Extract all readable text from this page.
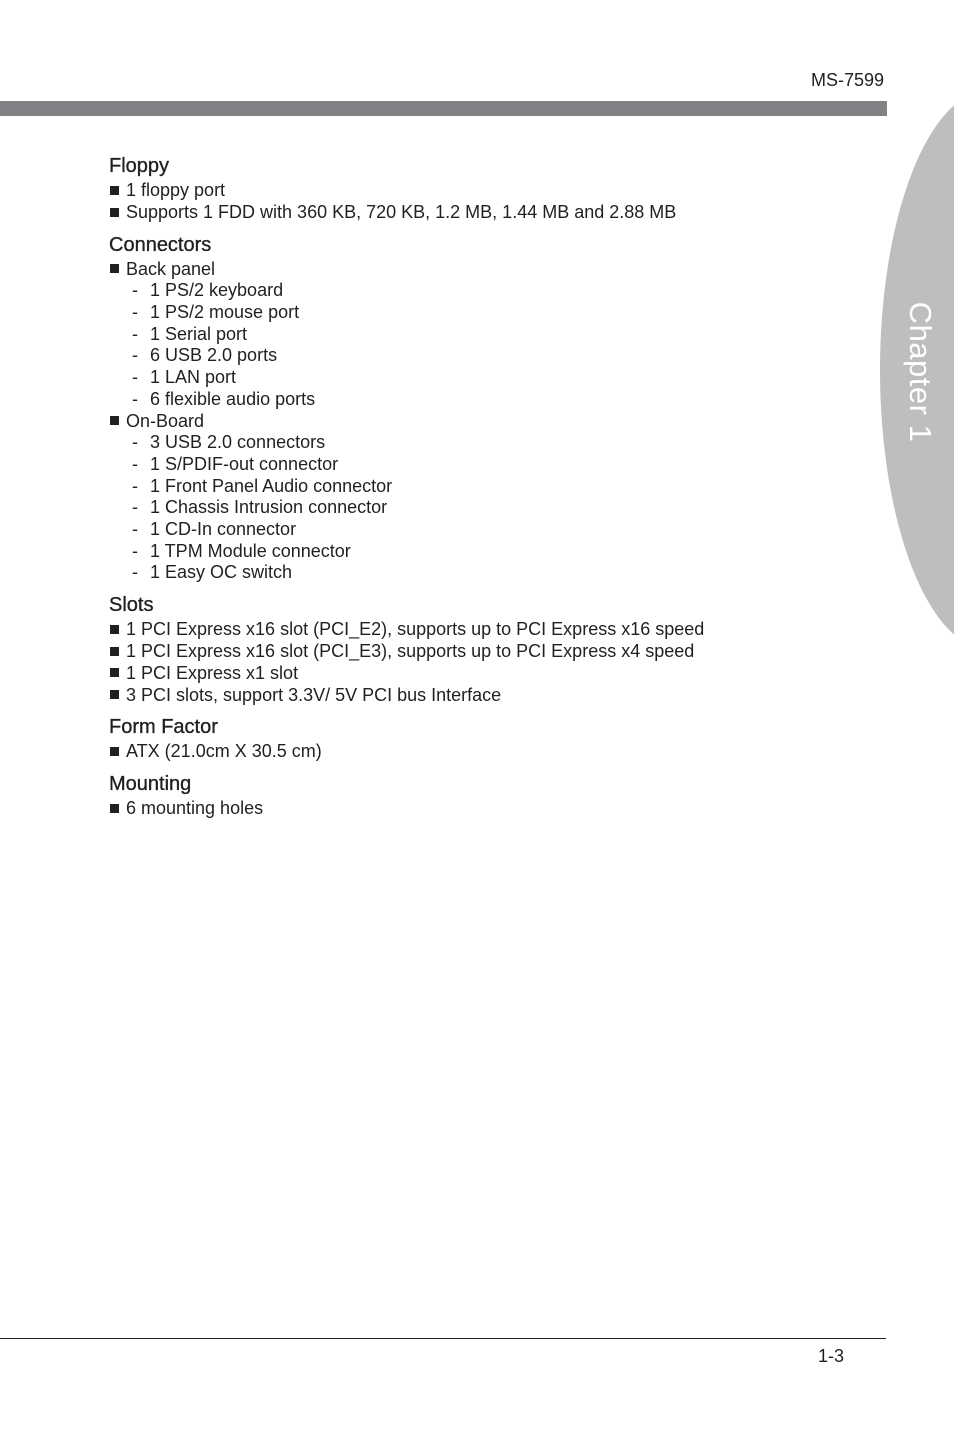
MS-7599
Chapter 1
Floppy
1 floppy port
Supports 1 FDD with 360 KB, 720 KB, 1.2 MB, 1.44 MB and 2.88 MB
Connectors
Back panel
- 1 PS/2 keyboard
- 1 PS/2 mouse port
- 1 Serial port
- 6 USB 2.0 ports
- 1 LAN port
- 6 flexible audio ports
On-Board
- 3 USB 2.0 connectors
- 1 S/PDIF-out connector
- 1 Front Panel Audio connector
- 1 Chassis Intrusion connector
- 1 CD-In connector
- 1 TPM Module connector
- 1 Easy OC switch
Slots
1 PCI Express x16 slot (PCI_E2), supports up to PCI Express x16 speed
1 PCI Express x16 slot (PCI_E3), supports up to PCI Express x4 speed
1 PCI Express x1 slot
3 PCI slots, support 3.3V/ 5V PCI bus Interface
Form Factor
ATX (21.0cm X 30.5 cm)
Mounting
6 mounting holes
1-3
